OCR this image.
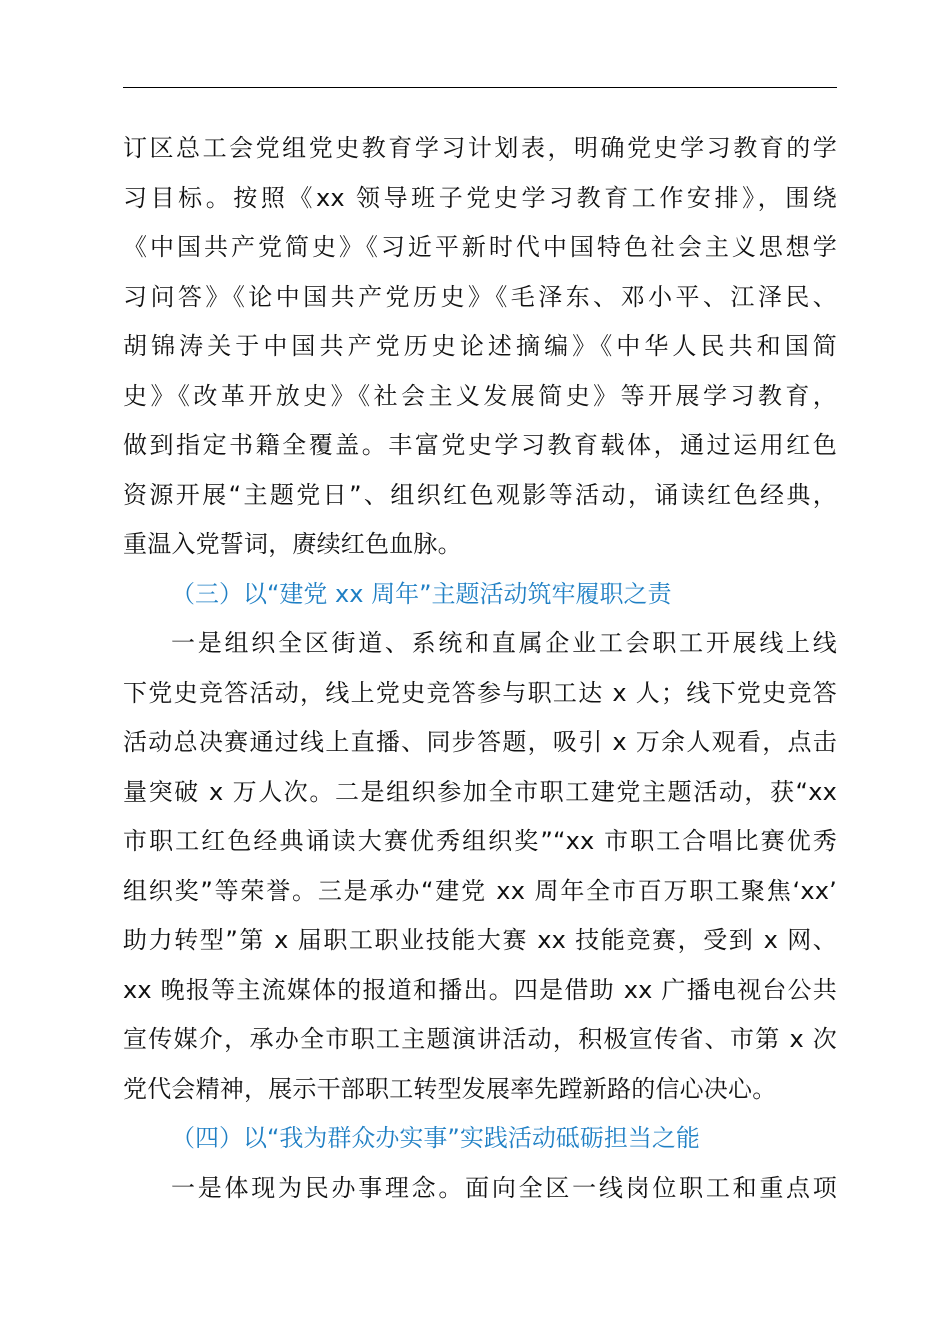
订区总工会党组党史教育学习计划表，明确党史学习教育的学
习目标。按照《xx 领导班子党史学习教育工作安排》，围绕
《中国共产党简史》《习近平新时代中国特色社会主义思想学
习问答》《论中国共产党历史》《毛泽东、邓小平、江泽民、
胡锦涛关于中国共产党历史论述摘编》《中华人民共和国简
史》《改革开放史》《社会主义发展简史》等开展学习教育，
做到指定书籍全覆盖。丰富党史学习教育载体，通过运用红色
资源开展“主题党日”、组织红色观影等活动，诵读红色经典，
重温入党誓词，赓续红色血脉。
（三）以“建党 xx 周年”主题活动筑牢履职之责
一是组织全区街道、系统和直属企业工会职工开展线上线
下党史竞答活动，线上党史竞答参与职工达 x 人；线下党史竞答
活动总决赛通过线上直播、同步答题，吸引 x 万余人观看，点击
量突破 x 万人次。二是组织参加全市职工建党主题活动，获“xx
市职工红色经典诵读大赛优秀组织奖”“xx 市职工合唱比赛优秀
组织奖”等荣誉。三是承办“建党 xx 周年全市百万职工聚焦‘xx’
助力转型”第 x 届职工职业技能大赛 xx 技能竞赛，受到 x 网、
xx 晚报等主流媒体的报道和播出。四是借助 xx 广播电视台公共
宣传媒介，承办全市职工主题演讲活动，积极宣传省、市第 x 次
党代会精神，展示干部职工转型发展率先蹚新路的信心决心。
（四）以“我为群众办实事”实践活动砥砺担当之能
一是体现为民办事理念。面向全区一线岗位职工和重点项
